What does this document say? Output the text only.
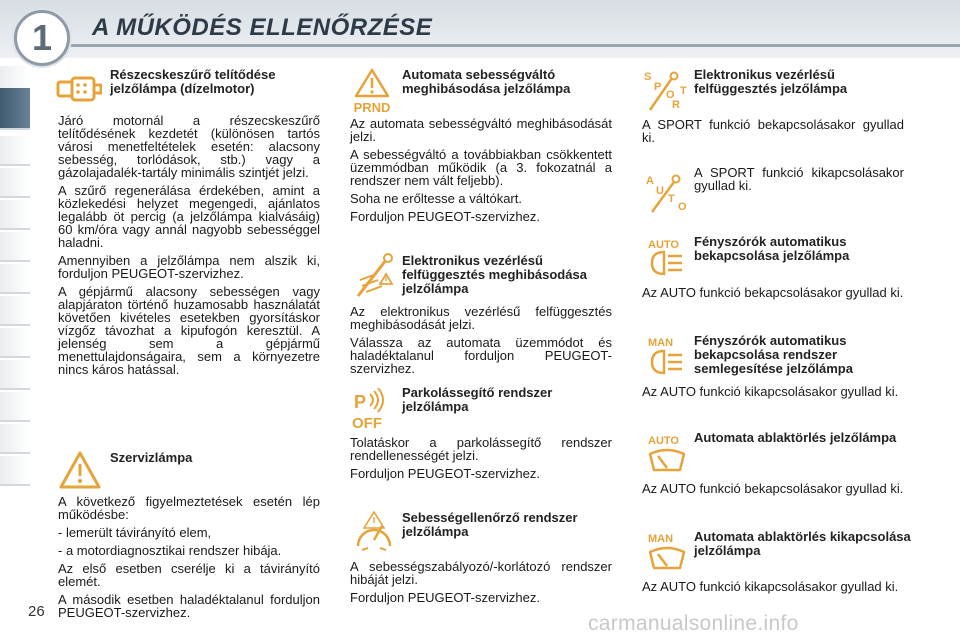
1	A MŰKÖDÉS ELLENŐRZÉSE
Részecskeszűrő telítődése jelzőlámpa (dízelmotor)

Járó motornál a részecskeszűrő telítődésének kezdetét (különösen tartós városi menetfeltételek esetén: alacsony sebesség, torlódások, stb.) vagy a gázolajadalék-tartály minimális szintjét jelzi.

A szűrő regenerálása érdekében, amint a közlekedési helyzet megengedi, ajánlatos legalább öt percig (a jelzőlámpa kialvásáig) 60 km/óra vagy annál nagyobb sebességgel haladni.

Amennyiben a jelzőlámpa nem alszik ki, forduljon PEUGEOT-szervizhez.

A gépjármű alacsony sebességen vagy alapjáraton történő huzamosabb használatát követően kivételes esetekben gyorsításkor vízgőz távozhat a kipufogón keresztül. A jelenség sem a gépjármű menettulajdonságaira, sem a környezetre nincs káros hatással.

Szervizlámpa

A következő figyelmeztetések esetén lép működésbe:

- lemerült távirányító elem,

- a motordiagnosztikai rendszer hibája.

Az első esetben cserélje ki a távirányító elemét.

A második esetben haladéktalanul forduljon PEUGEOT-szervizhez.

PRND
Automata sebességváltó meghibásodása jelzőlámpa

Az automata sebességváltó meghibásodását jelzi.

A sebességváltó a továbbiakban csökkentett üzemmódban működik (a 3. fokozatnál a rendszer nem vált feljebb).

Soha ne erőltesse a váltókart.

Forduljon PEUGEOT-szervizhez.

Elektronikus vezérlésű felfüggesztés meghibásodása jelzőlámpa

Az elektronikus vezérlésű felfüggesztés meghibásodását jelzi.

Válassza az automata üzemmódot és haladéktalanul forduljon PEUGEOT-szervizhez.

P
OFF
Parkolássegítő rendszer jelzőlámpa

Tolatáskor a parkolássegítő rendszer rendellenességét jelzi.

Forduljon PEUGEOT-szervizhez.

Sebességellenőrző rendszer jelzőlámpa

A sebességszabályozó/-korlátozó rendszer hibáját jelzi.

Forduljon PEUGEOT-szervizhez.

S
P
O
R
T
Elektronikus vezérlésű felfüggesztés jelzőlámpa

A SPORT funkció bekapcsolásakor gyullad ki.

A
U
T
O

A SPORT funkció kikapcsolásakor gyullad ki.

AUTO Fényszórók automatikus bekapcsolása jelzőlámpa

Az AUTO funkció bekapcsolásakor gyullad ki.

MAN Fényszórók automatikus bekapcsolása rendszer semlegesítése jelzőlámpa

Az AUTO funkció kikapcsolásakor gyullad ki.

AUTO Automata ablaktörlés jelzőlámpa

Az AUTO funkció bekapcsolásakor gyullad ki.

MAN Automata ablaktörlés kikapcsolása jelzőlámpa

Az AUTO funkció kikapcsolásakor gyullad ki.

26
carmanualsonline.info
